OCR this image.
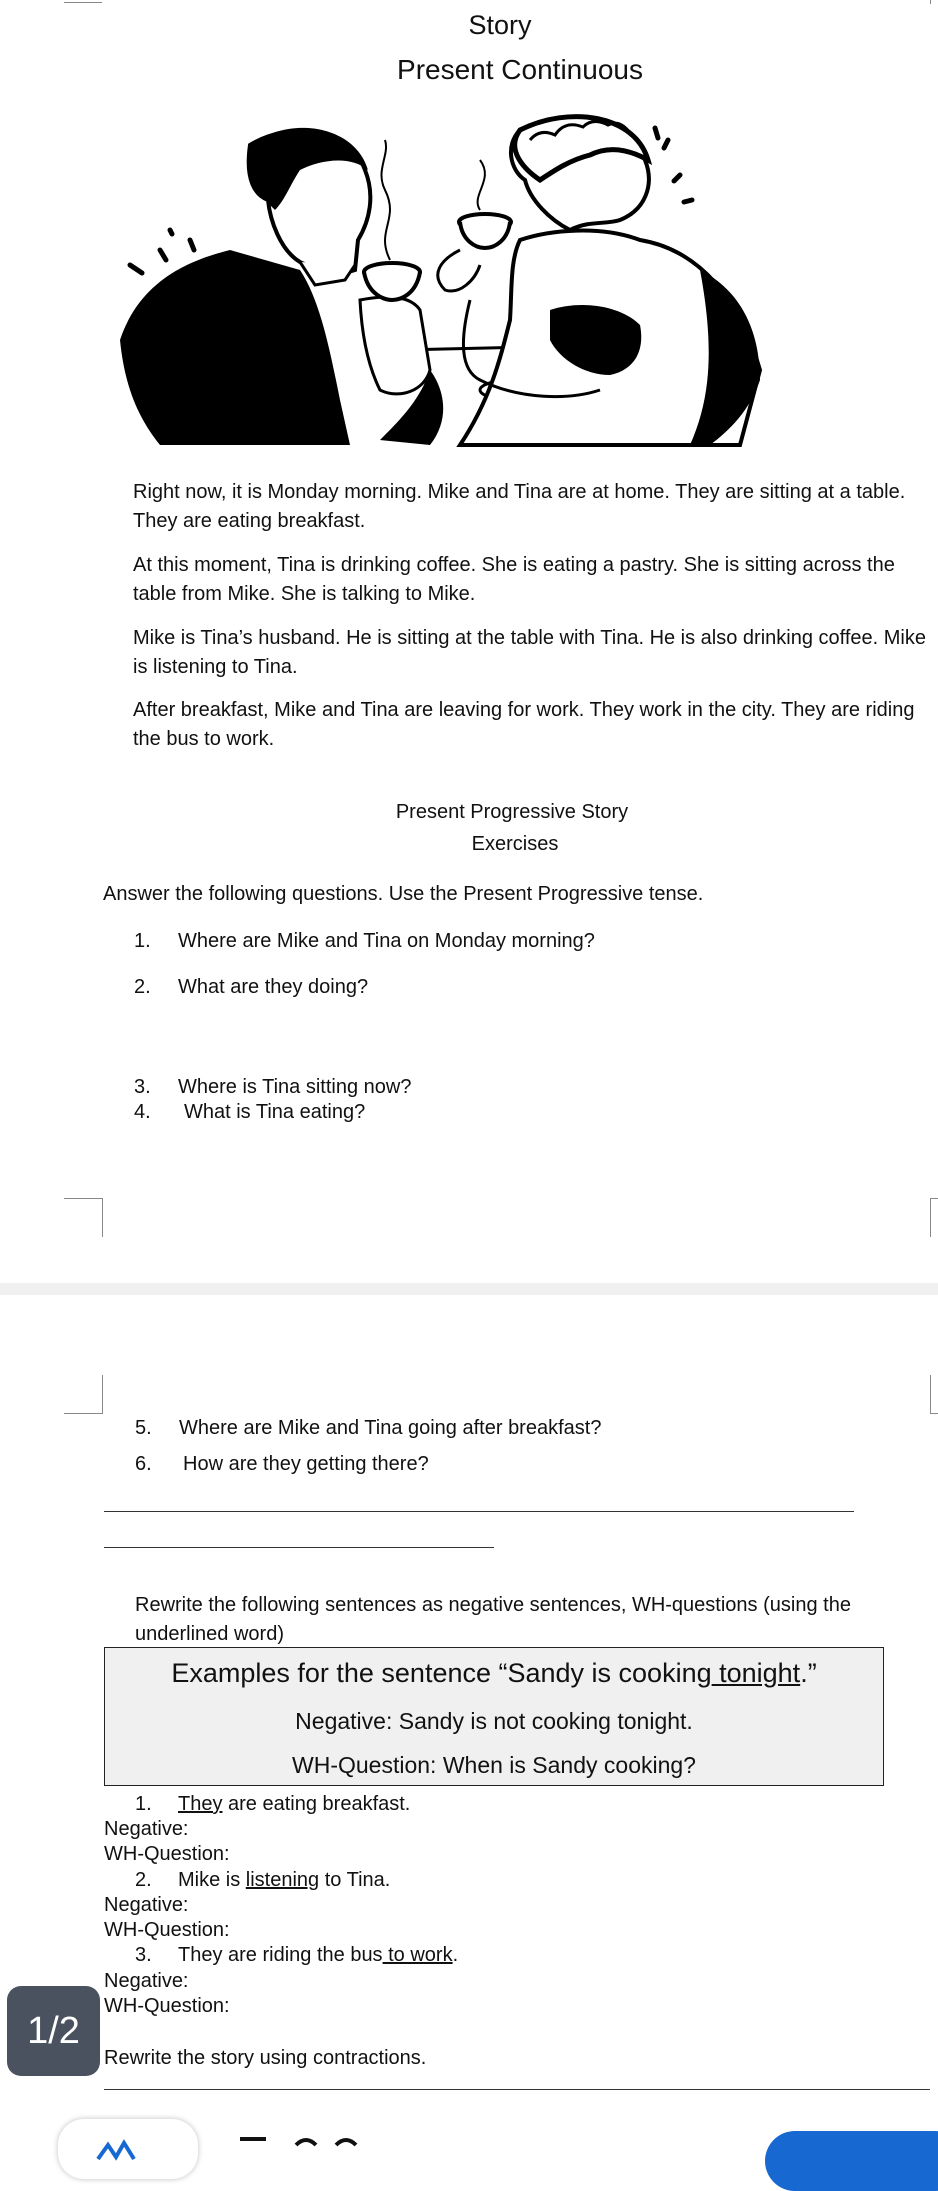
Story
Present Continuous
Right now, it is Monday morning. Mike and Tina are at home. They are sitting at a table. They are eating breakfast.
At this moment, Tina is drinking coffee. She is eating a pastry. She is sitting across the table from Mike. She is talking to Mike.
Mike is Tina’s husband. He is sitting at the table with Tina. He is also drinking coffee. Mike is listening to Tina.
After breakfast, Mike and Tina are leaving for work. They work in the city. They are riding the bus to work.
Present Progressive Story
Exercises
Answer the following questions. Use the Present Progressive tense.
1. Where are Mike and Tina on Monday morning?
2. What are they doing?
3. Where is Tina sitting now?
4. What is Tina eating?
5. Where are Mike and Tina going after breakfast?
6. How are they getting there?
Rewrite the following sentences as negative sentences, WH-questions (using the underlined word)
Examples for the sentence “Sandy is cooking tonight.”
Negative: Sandy is not cooking tonight.
WH-Question: When is Sandy cooking?
1. They are eating breakfast.
Negative:
WH-Question:
2. Mike is listening to Tina.
Negative:
WH-Question:
3. They are riding the bus to work.
Negative:
WH-Question:
Rewrite the story using contractions.
1/2
